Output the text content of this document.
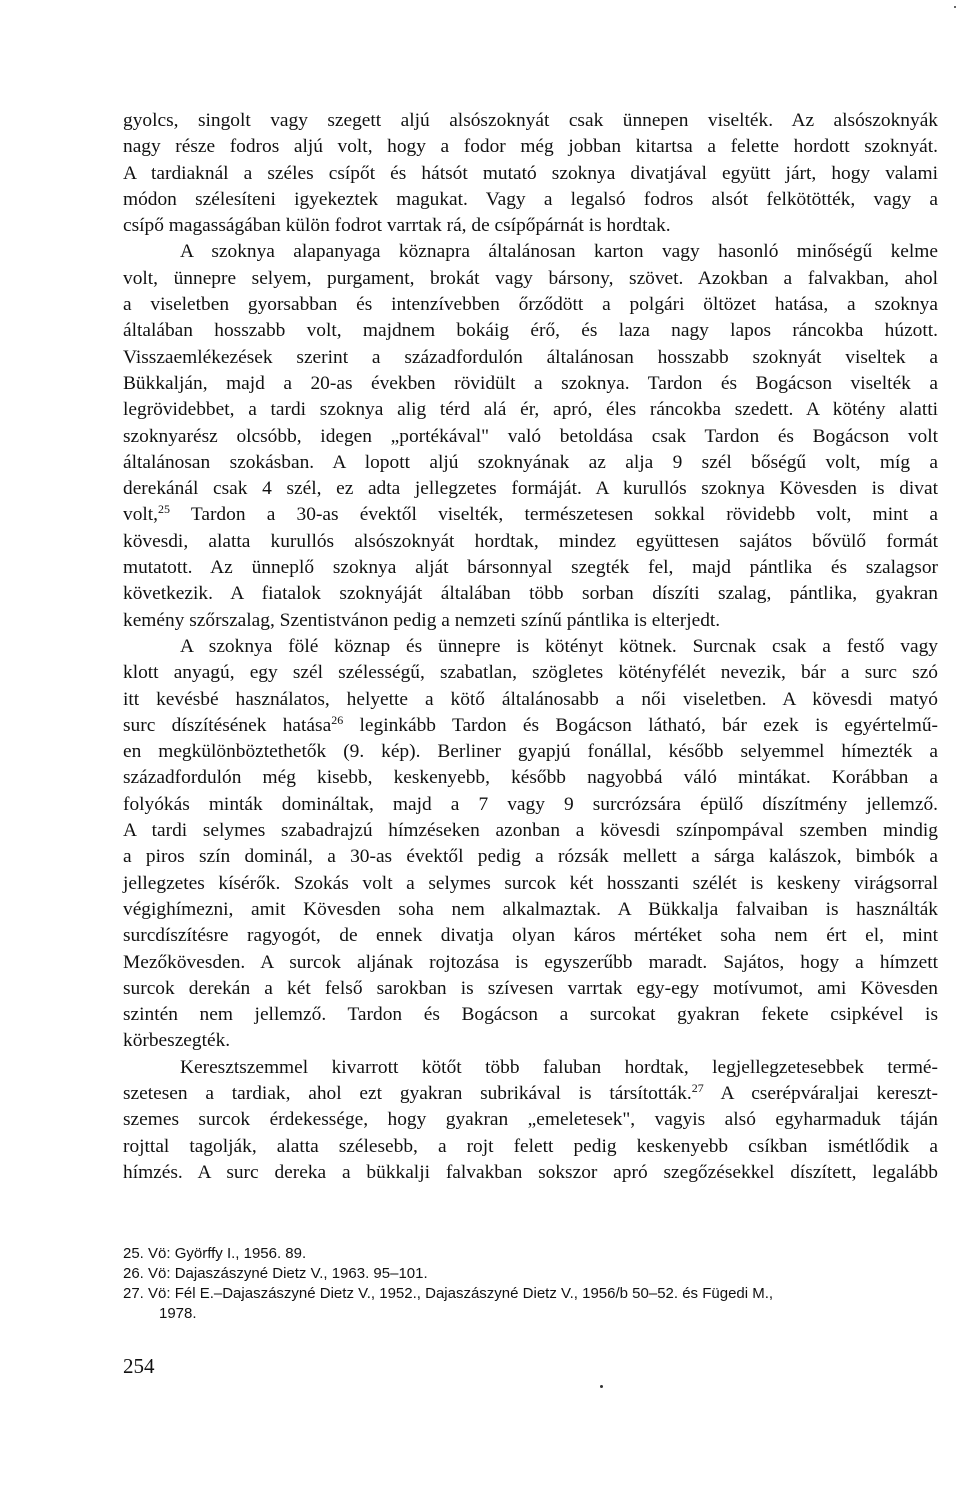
gyolcs, singolt vagy szegett aljú alsószoknyát csak ünnepen viselték. Az alsószoknyák
nagy része fodros aljú volt, hogy a fodor még jobban kitartsa a felette hordott szoknyát.
A tardiaknál a széles csípőt és hátsót mutató szoknya divatjával együtt járt, hogy valami
módon szélesíteni igyekeztek magukat. Vagy a legalsó fodros alsót felkötötték, vagy a
csípő magasságában külön fodrot varrtak rá, de csípőpárnát is hordtak.
A szoknya alapanyaga köznapra általánosan karton vagy hasonló minőségű kelme
volt, ünnepre selyem, purgament, brokát vagy bársony, szövet. Azokban a falvakban, ahol
a viseletben gyorsabban és intenzívebben őrződött a polgári öltözet hatása, a szoknya
általában hosszabb volt, majdnem bokáig érő, és laza nagy lapos ráncokba húzott.
Visszaemlékezések szerint a századfordulón általánosan hosszabb szoknyát viseltek a
Bükkalján, majd a 20-as években rövidült a szoknya. Tardon és Bogácson viselték a
legrövidebbet, a tardi szoknya alig térd alá ér, apró, éles ráncokba szedett. A kötény alatti
szoknyarész olcsóbb, idegen „portékával" való betoldása csak Tardon és Bogácson volt
általánosan szokásban. A lopott aljú szoknyának az alja 9 szél bőségű volt, míg a
derekánál csak 4 szél, ez adta jellegzetes formáját. A kurullós szoknya Kövesden is divat
volt,$^{25}$ Tardon a 30-as évektől viselték, természetesen sokkal rövidebb volt, mint a
kövesdi, alatta kurullós alsószoknyát hordtak, mindez együttesen sajátos bővülő formát
mutatott. Az ünneplő szoknya alját bársonnyal szegték fel, majd pántlika és szalagsor
következik. A fiatalok szoknyáját általában több sorban díszíti szalag, pántlika, gyakran
kemény szőrszalag, Szentistvánon pedig a nemzeti színű pántlika is elterjedt.
A szoknya fölé köznap és ünnepre is kötényt kötnek. Surcnak csak a festő vagy
klott anyagú, egy szél szélességű, szabatlan, szögletes kötényfélét nevezik, bár a surc szó
itt kevésbé használatos, helyette a kötő általánosabb a női viseletben. A kövesdi matyó
surc díszítésének hatása$^{26}$ leginkább Tardon és Bogácson látható, bár ezek is egyértelmű-
en megkülönböztethetők (9. kép). Berliner gyapjú fonállal, később selyemmel hímezték a
századfordulón még kisebb, keskenyebb, később nagyobbá váló mintákat. Korábban a
folyókás minták domináltak, majd a 7 vagy 9 surcrózsára épülő díszítmény jellemző.
A tardi selymes szabadrajzú hímzéseken azonban a kövesdi színpompával szemben mindig
a piros szín dominál, a 30-as évektől pedig a rózsák mellett a sárga kalászok, bimbók a
jellegzetes kísérők. Szokás volt a selymes surcok két hosszanti szélét is keskeny virágsorral
végighímezni, amit Kövesden soha nem alkalmaztak. A Bükkalja falvaiban is használták
surcdíszítésre ragyogót, de ennek divatja olyan káros mértéket soha nem ért el, mint
Mezőkövesden. A surcok aljának rojtozása is egyszerűbb maradt. Sajátos, hogy a hímzett
surcok derekán a két felső sarokban is szívesen varrtak egy-egy motívumot, ami Kövesden
szintén nem jellemző. Tardon és Bogácson a surcokat gyakran fekete csipkével is
körbeszegték.
Keresztszemmel kivarrott kötőt több faluban hordtak, legjellegzetesebbek termé-
szetesen a tardiak, ahol ezt gyakran subrikával is társították.$^{27}$ A cserépváraljai kereszt-
szemes surcok érdekessége, hogy gyakran „emeletesek", vagyis alsó egyharmaduk táján
rojttal tagolják, alatta szélesebb, a rojt felett pedig keskenyebb csíkban ismétlődik a
hímzés. A surc dereka a bükkalji falvakban sokszor apró szegőzésekkel díszített, legalább
25. Vö: Györffy I., 1956. 89.
26. Vö: Dajaszászyné Dietz V., 1963. 95–101.
27. Vö: Fél E.–Dajaszászyné Dietz V., 1952., Dajaszászyné Dietz V., 1956/b 50–52. és Fügedi M.,
1978.
254
